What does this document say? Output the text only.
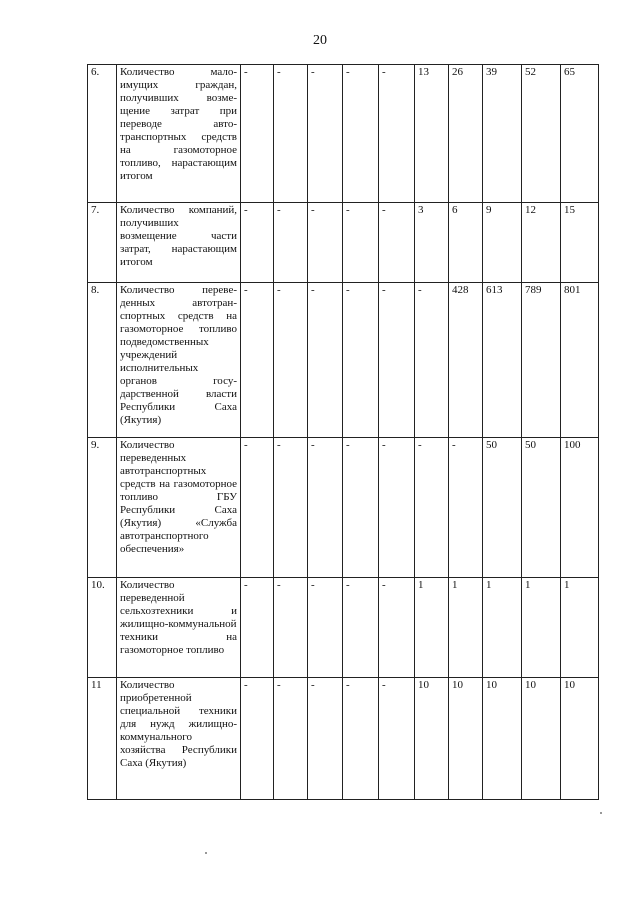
20
6.	Количество малоимущих граждан, получивших возмещение затрат при переводе автотранспортных средств на газомоторное топливо, нарастающим итогом	-	-	-	-	-	13	26	39	52	65
7.	Количество компаний, получивших возмещение части затрат, нарастающим итогом	-	-	-	-	-	3	6	9	12	15
8.	Количество переведенных автотранспортных средств на газомоторное топливо подведомственных учреждений исполнительных органов государственной власти Республики Саха (Якутия)	-	-	-	-	-	-	428	613	789	801
9.	Количество переведенных автотранспортных средств на газомоторное топливо ГБУ Республики Саха (Якутия) «Служба автотранспортного обеспечения»	-	-	-	-	-	-	-	50	50	100
10.	Количество переведенной сельхозтехники и жилищно-коммунальной техники на газомоторное топливо	-	-	-	-	-	1	1	1	1	1
11	Количество приобретенной специальной техники для нужд жилищно-коммунального хозяйства Республики Саха (Якутия)	-	-	-	-	-	10	10	10	10	10
